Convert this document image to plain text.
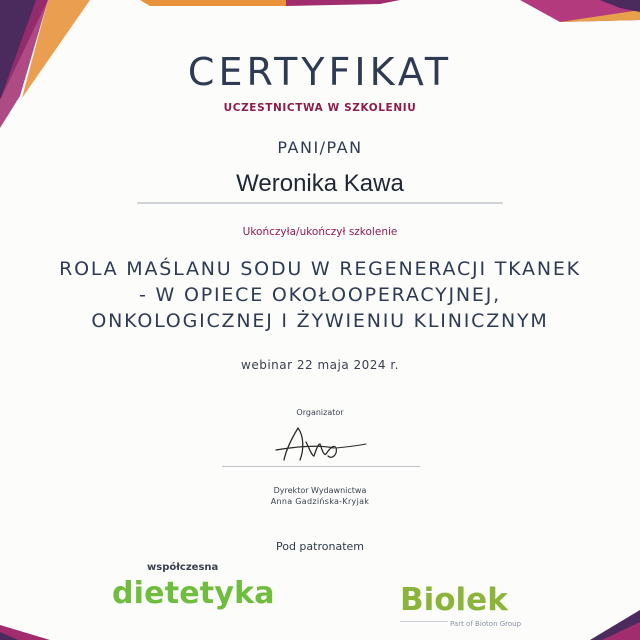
CERTYFIKAT
UCZESTNICTWA W SZKOLENIU
PANI/PAN
Weronika Kawa
Ukończyła/ukończył szkolenie
ROLA MAŚLANU SODU W REGENERACJI TKANEK
- W OPIECE OKOŁOOPERACYJNEJ,
ONKOLOGICZNEJ I ŻYWIENIU KLINICZNYM
webinar 22 maja 2024 r.
Organizator
Dyrektor Wydawnictwa
Anna Gadzińska-Kryjak
Pod patronatem
współczesna
dietetyka	Biolek
Part of Bioton Group
